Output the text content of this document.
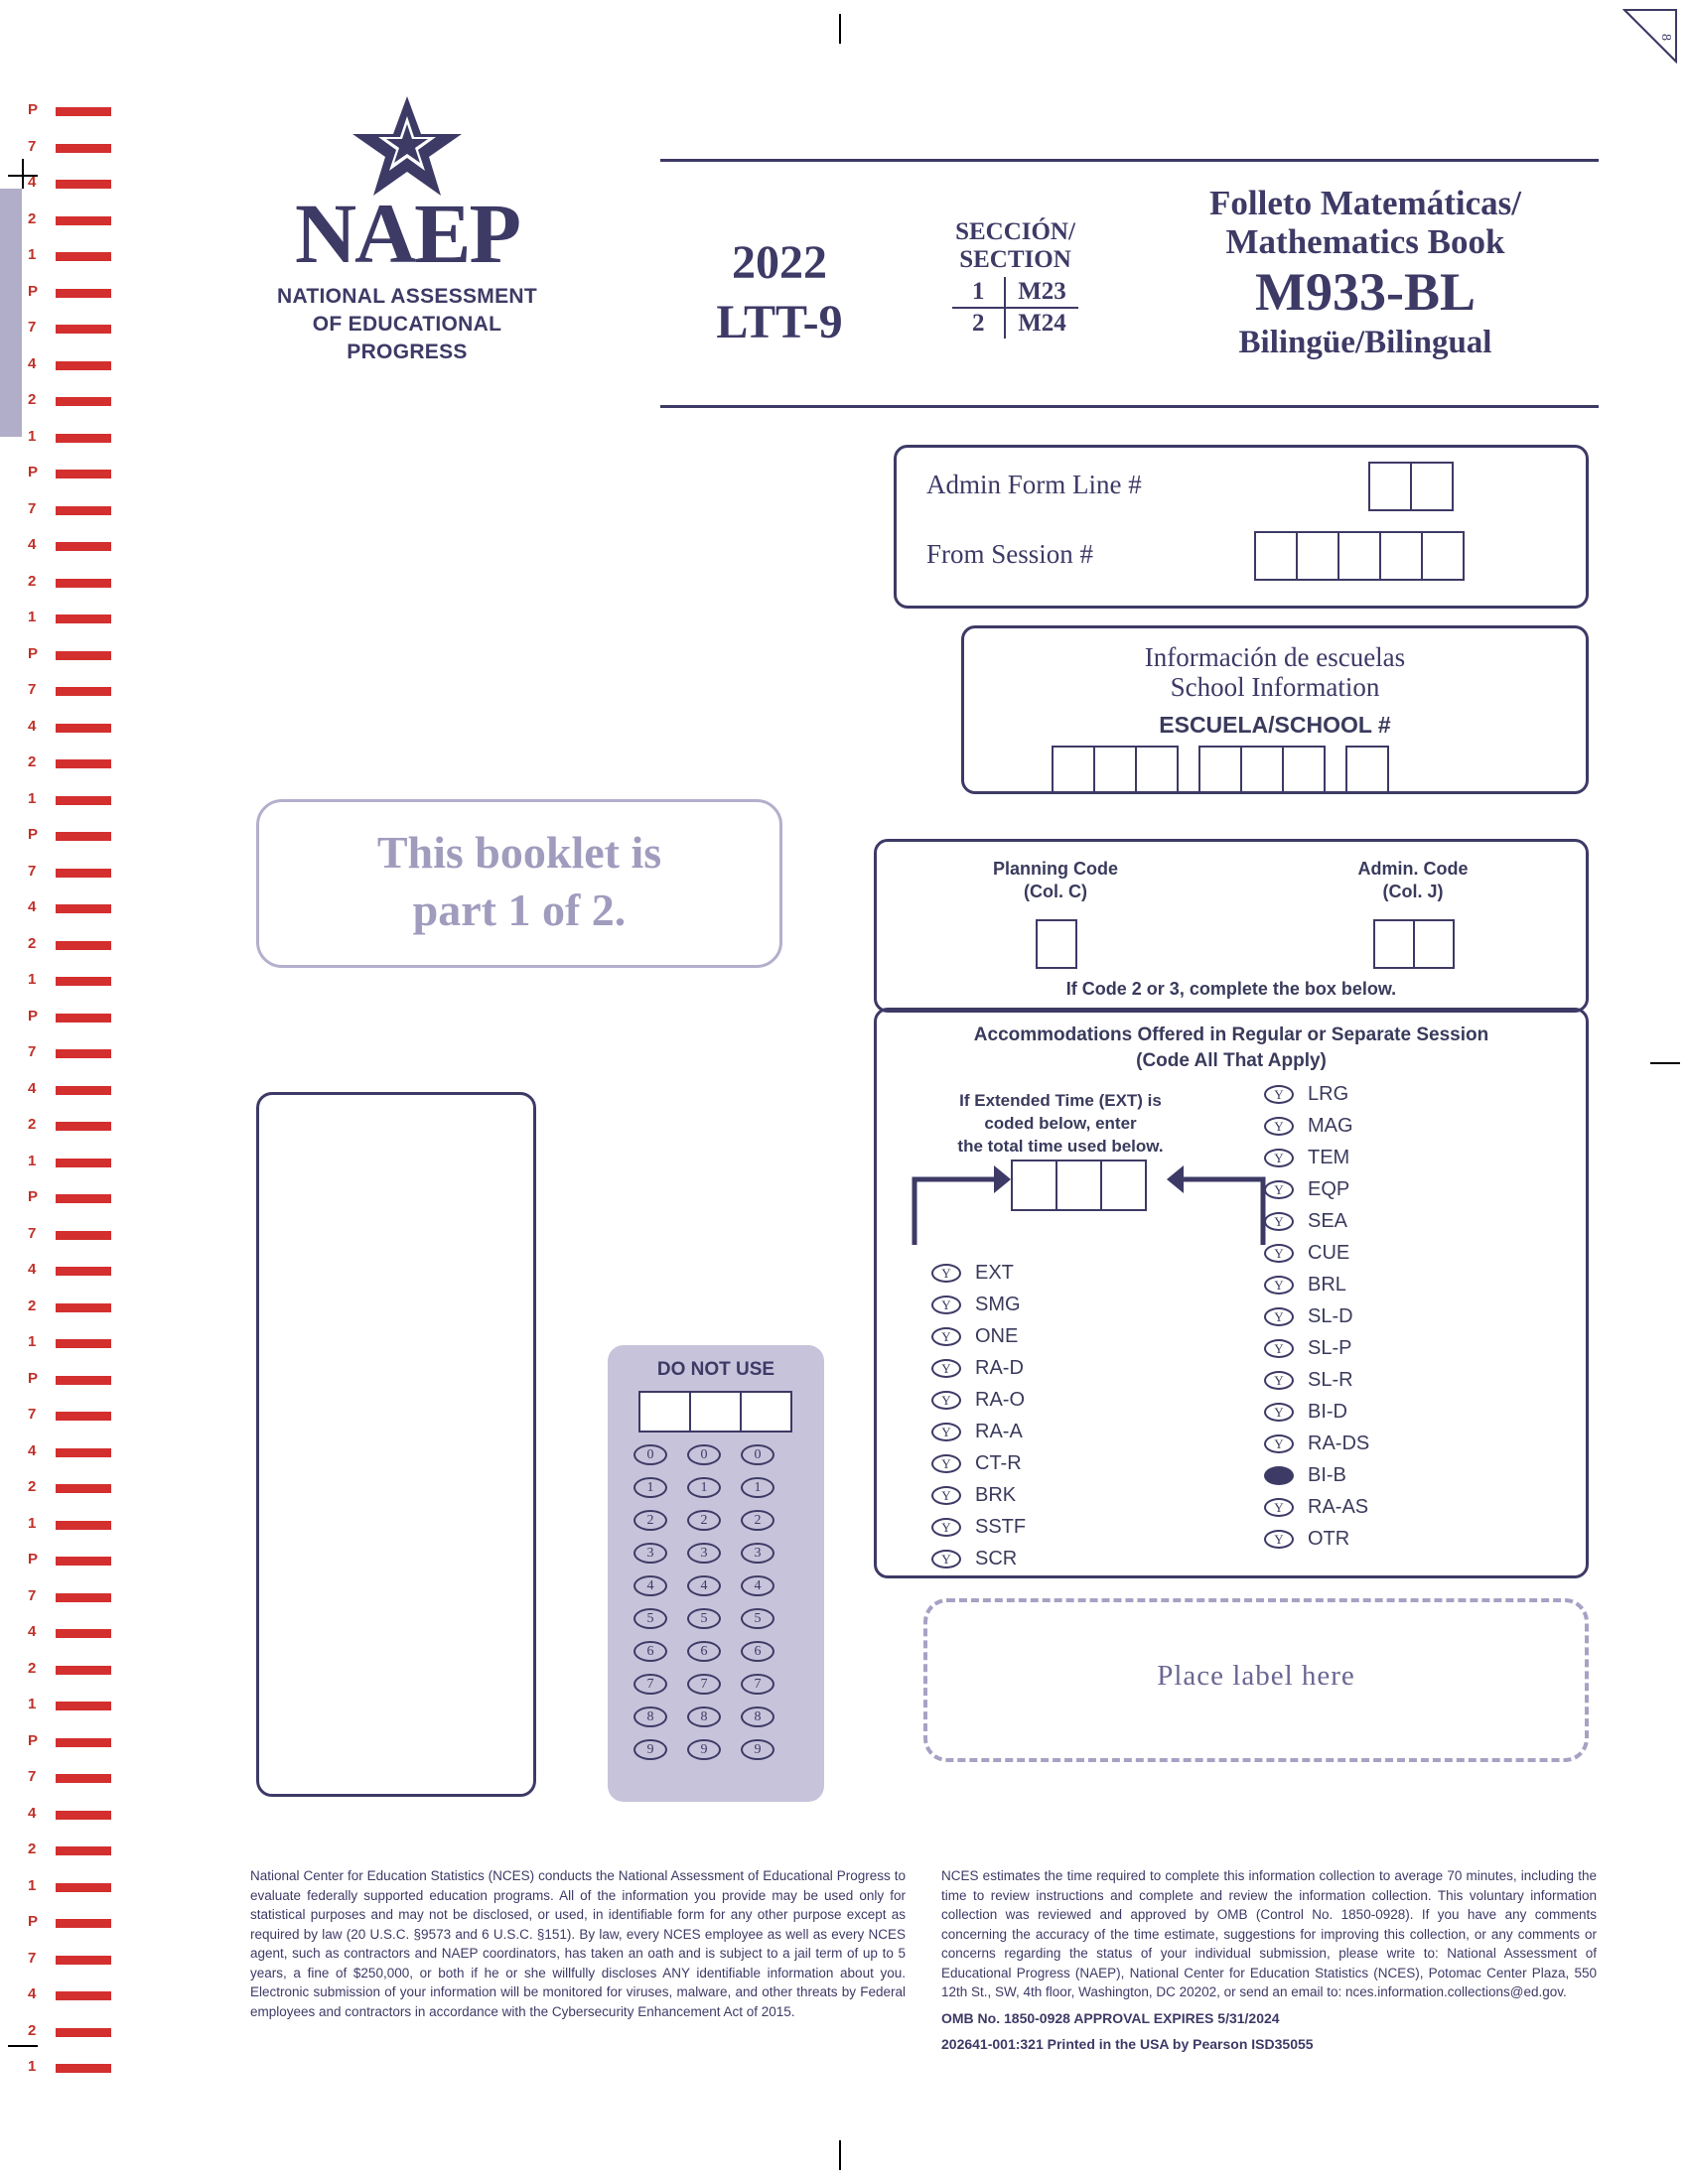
8
P
7
4
2
1
P
7
4
2
1
P
7
4
2
1
P
7
4
2
1
P
7
4
2
1
P
7
4
2
1
P
7
4
2
1
P
7
4
2
1
P
7
4
2
1
P
7
4
2
1
P
7
4
2
1
NAEP
NATIONAL ASSESSMENT
OF EDUCATIONAL
PROGRESS
2022
LTT-9
SECCIÓN/
SECTION
1	M23
2	M24
Folleto Matemáticas/
Mathematics Book
M933-BL
Bilingüe/Bilingual
Admin Form Line #
From Session #
Información de escuelas
School Information
ESCUELA/SCHOOL #
Planning Code
(Col. C)
Admin. Code
(Col. J)
If Code 2 or 3, complete the box below.
Accommodations Offered in Regular or Separate Session
(Code All That Apply)
If Extended Time (EXT) is
coded below, enter
the total time used below.
Y EXT
Y SMG
Y ONE
Y RA-D
Y RA-O
Y RA-A
Y CT-R
Y BRK
Y SSTF
Y SCR
Y LRG
Y MAG
Y TEM
Y EQP
Y SEA
Y CUE
Y BRL
Y SL-D
Y SL-P
Y SL-R
Y BI-D
Y RA-DS
BI-B
Y RA-AS
Y OTR
Place label here
This booklet is
part 1 of 2.
DO NOT USE
0	0	0
1	1	1
2	2	2
3	3	3
4	4	4
5	5	5
6	6	6
7	7	7
8	8	8
9	9	9
National Center for Education Statistics (NCES) conducts the National Assessment of Educational Progress to evaluate federally supported education programs. All of the information you provide may be used only for statistical purposes and may not be disclosed, or used, in identifiable form for any other purpose except as required by law (20 U.S.C. §9573 and 6 U.S.C. §151). By law, every NCES employee as well as every NCES agent, such as contractors and NAEP coordinators, has taken an oath and is subject to a jail term of up to 5 years, a fine of $250,000, or both if he or she willfully discloses ANY identifiable information about you. Electronic submission of your information will be monitored for viruses, malware, and other threats by Federal employees and contractors in accordance with the Cybersecurity Enhancement Act of 2015.
NCES estimates the time required to complete this information collection to average 70 minutes, including the time to review instructions and complete and review the information collection. This voluntary information collection was reviewed and approved by OMB (Control No. 1850-0928). If you have any comments concerning the accuracy of the time estimate, suggestions for improving this collection, or any comments or concerns regarding the status of your individual submission, please write to: National Assessment of Educational Progress (NAEP), National Center for Education Statistics (NCES), Potomac Center Plaza, 550 12th St., SW, 4th floor, Washington, DC 20202, or send an email to: nces.information.collections@ed.gov.
OMB No. 1850-0928 APPROVAL EXPIRES 5/31/2024
202641-001:321 Printed in the USA by Pearson ISD35055
